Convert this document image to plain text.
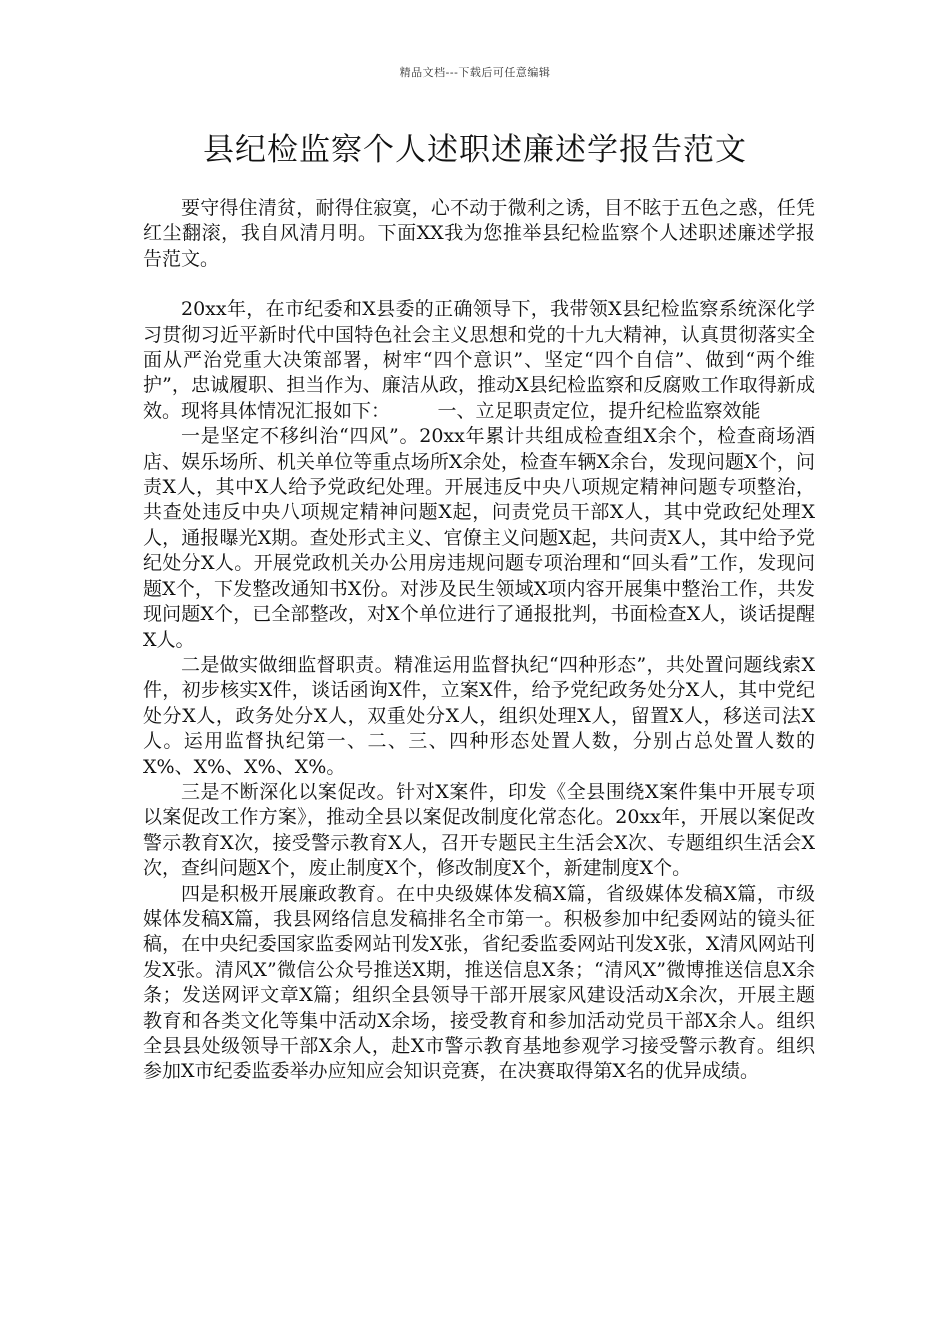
精品文档---下载后可任意编辑
县纪检监察个人述职述廉述学报告范文

要守得住清贫，耐得住寂寞，心不动于微利之诱，目不眩于五色之惑，任凭红尘翻滚，我自风清月明。下面XX我为您推举县纪检监察个人述职述廉述学报告范文。

20xx年，在市纪委和X县委的正确领导下，我带领X县纪检监察系统深化学习贯彻习近平新时代中国特色社会主义思想和党的十九大精神，认真贯彻落实全面从严治党重大决策部署，树牢“四个意识”、坚定“四个自信”、做到“两个维护”，忠诚履职、担当作为、廉洁从政，推动X县纪检监察和反腐败工作取得新成效。现将具体情况汇报如下：　　　一、立足职责定位，提升纪检监察效能

一是坚定不移纠治“四风”。20xx年累计共组成检查组X余个，检查商场酒店、娱乐场所、机关单位等重点场所X余处，检查车辆X余台，发现问题X个，问责X人，其中X人给予党政纪处理。开展违反中央八项规定精神问题专项整治，共查处违反中央八项规定精神问题X起，问责党员干部X人，其中党政纪处理X人，通报曝光X期。查处形式主义、官僚主义问题X起，共问责X人，其中给予党纪处分X人。开展党政机关办公用房违规问题专项治理和“回头看”工作，发现问题X个，下发整改通知书X份。对涉及民生领域X项内容开展集中整治工作，共发现问题X个，已全部整改，对X个单位进行了通报批判，书面检查X人，谈话提醒X人。

二是做实做细监督职责。精准运用监督执纪“四种形态”，共处置问题线索X件，初步核实X件，谈话函询X件，立案X件，给予党纪政务处分X人，其中党纪处分X人，政务处分X人，双重处分X人，组织处理X人，留置X人，移送司法X人。运用监督执纪第一、二、三、四种形态处置人数，分别占总处置人数的X%、X%、X%、X%。

三是不断深化以案促改。针对X案件，印发《全县围绕X案件集中开展专项以案促改工作方案》，推动全县以案促改制度化常态化。20xx年，开展以案促改警示教育X次，接受警示教育X人，召开专题民主生活会X次、专题组织生活会X次，查纠问题X个，废止制度X个，修改制度X个，新建制度X个。

四是积极开展廉政教育。在中央级媒体发稿X篇，省级媒体发稿X篇，市级媒体发稿X篇，我县网络信息发稿排名全市第一。积极参加中纪委网站的镜头征稿，在中央纪委国家监委网站刊发X张，省纪委监委网站刊发X张，X清风网站刊发X张。清风X”微信公众号推送X期，推送信息X条；“清风X”微博推送信息X余条；发送网评文章X篇；组织全县领导干部开展家风建设活动X余次，开展主题教育和各类文化等集中活动X余场，接受教育和参加活动党员干部X余人。组织全县县处级领导干部X余人，赴X市警示教育基地参观学习接受警示教育。组织参加X市纪委监委举办应知应会知识竞赛，在决赛取得第X名的优异成绩。
